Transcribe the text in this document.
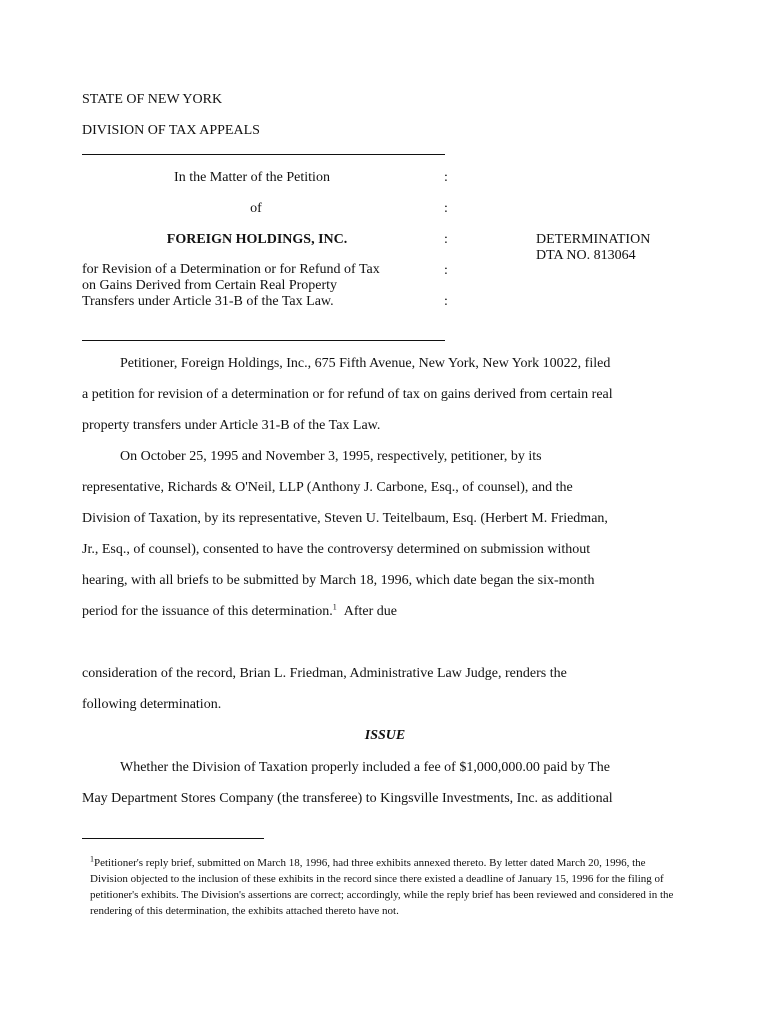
STATE OF NEW YORK
DIVISION OF TAX APPEALS
In the Matter of the Petition
of
FOREIGN HOLDINGS, INC.
for Revision of a Determination or for Refund of Tax on Gains Derived from Certain Real Property Transfers under Article 31-B of the Tax Law.
:
:
:
:
:
DETERMINATION
DTA NO. 813064
Petitioner, Foreign Holdings, Inc., 675 Fifth Avenue, New York, New York 10022, filed
a petition for revision of a determination or for refund of tax on gains derived from certain real
property transfers under Article 31-B of the Tax Law.
On October 25, 1995 and November 3, 1995, respectively, petitioner, by its
representative, Richards & O'Neil, LLP (Anthony J. Carbone, Esq., of counsel), and the
Division of Taxation, by its representative, Steven U. Teitelbaum, Esq. (Herbert M. Friedman,
Jr., Esq., of counsel), consented to have the controversy determined on submission without
hearing, with all briefs to be submitted by March 18, 1996, which date began the six-month
period for the issuance of this determination.$^1$ After due
consideration of the record, Brian L. Friedman, Administrative Law Judge, renders the
following determination.
ISSUE
Whether the Division of Taxation properly included a fee of $1,000,000.00 paid by The
May Department Stores Company (the transferee) to Kingsville Investments, Inc. as additional
$^1$Petitioner's reply brief, submitted on March 18, 1996, had three exhibits annexed thereto. By letter dated March 20, 1996, the Division objected to the inclusion of these exhibits in the record since there existed a deadline of January 15, 1996 for the filing of petitioner's exhibits. The Division's assertions are correct; accordingly, while the reply brief has been reviewed and considered in the rendering of this determination, the exhibits attached thereto have not.
